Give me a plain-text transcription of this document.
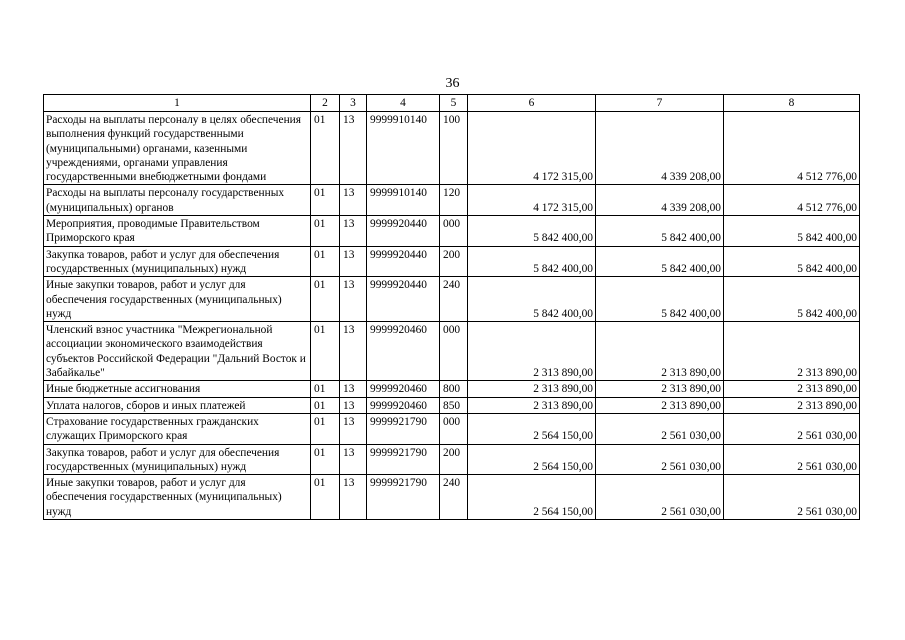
36
1	2	3	4	5	6	7	8
Расходы на выплаты персоналу в целях обеспечения выполнения функций государственными (муниципальными) органами, казенными учреждениями, органами управления государственными внебюджетными фондами	01	13	9999910140	100	4 172 315,00	4 339 208,00	4 512 776,00
Расходы на выплаты персоналу государственных (муниципальных) органов	01	13	9999910140	120	4 172 315,00	4 339 208,00	4 512 776,00
Мероприятия, проводимые Правительством Приморского края	01	13	9999920440	000	5 842 400,00	5 842 400,00	5 842 400,00
Закупка товаров, работ и услуг для обеспечения государственных (муниципальных) нужд	01	13	9999920440	200	5 842 400,00	5 842 400,00	5 842 400,00
Иные закупки товаров, работ и услуг для обеспечения государственных (муниципальных) нужд	01	13	9999920440	240	5 842 400,00	5 842 400,00	5 842 400,00
Членский взнос участника "Межрегиональной ассоциации экономического взаимодействия субъектов Российской Федерации "Дальний Восток и Забайкалье"	01	13	9999920460	000	2 313 890,00	2 313 890,00	2 313 890,00
Иные бюджетные ассигнования	01	13	9999920460	800	2 313 890,00	2 313 890,00	2 313 890,00
Уплата налогов, сборов и иных платежей	01	13	9999920460	850	2 313 890,00	2 313 890,00	2 313 890,00
Страхование государственных гражданских служащих Приморского края	01	13	9999921790	000	2 564 150,00	2 561 030,00	2 561 030,00
Закупка товаров, работ и услуг для обеспечения государственных (муниципальных) нужд	01	13	9999921790	200	2 564 150,00	2 561 030,00	2 561 030,00
Иные закупки товаров, работ и услуг для обеспечения государственных (муниципальных) нужд	01	13	9999921790	240	2 564 150,00	2 561 030,00	2 561 030,00
